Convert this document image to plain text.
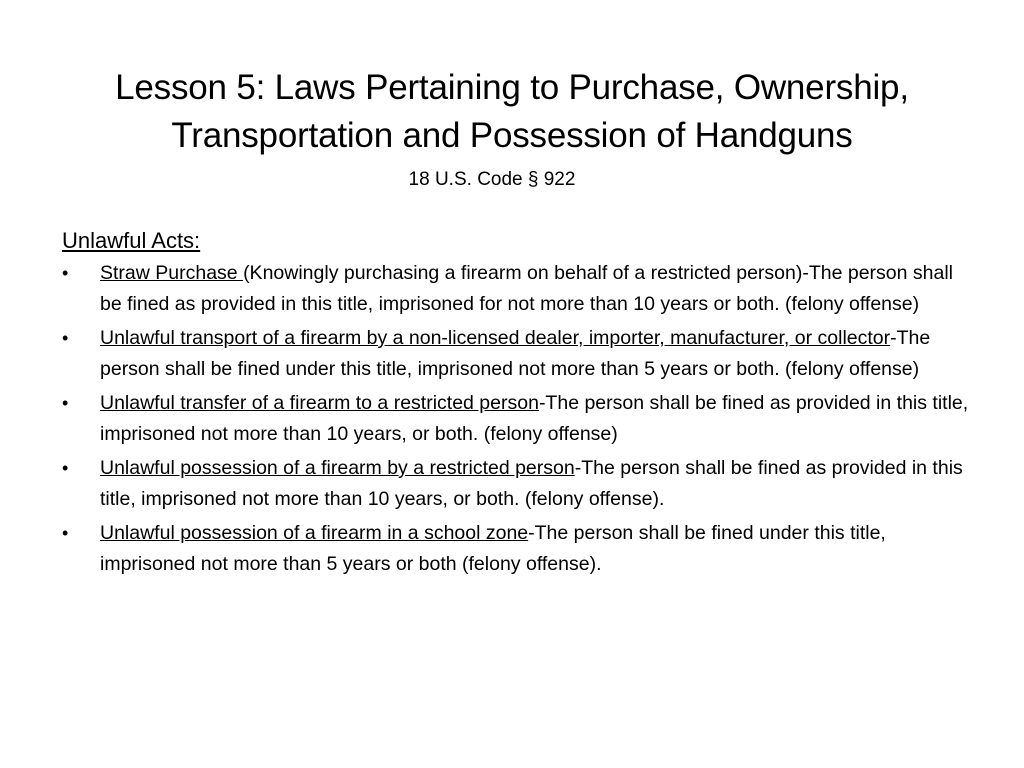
Lesson 5: Laws Pertaining to Purchase, Ownership,
Transportation and Possession of Handguns

18 U.S. Code § 922

Unlawful Acts:

• Straw Purchase (Knowingly purchasing a firearm on behalf of a restricted person)-The person shall be fined as provided in this title, imprisoned for not more than 10 years or both. (felony offense)
• Unlawful transport of a firearm by a non-licensed dealer, importer, manufacturer, or collector-The person shall be fined under this title, imprisoned not more than 5 years or both. (felony offense)
• Unlawful transfer of a firearm to a restricted person-The person shall be fined as provided in this title, imprisoned not more than 10 years, or both. (felony offense)
• Unlawful possession of a firearm by a restricted person-The person shall be fined as provided in this title, imprisoned not more than 10 years, or both. (felony offense).
• Unlawful possession of a firearm in a school zone-The person shall be fined under this title, imprisoned not more than 5 years or both (felony offense).
